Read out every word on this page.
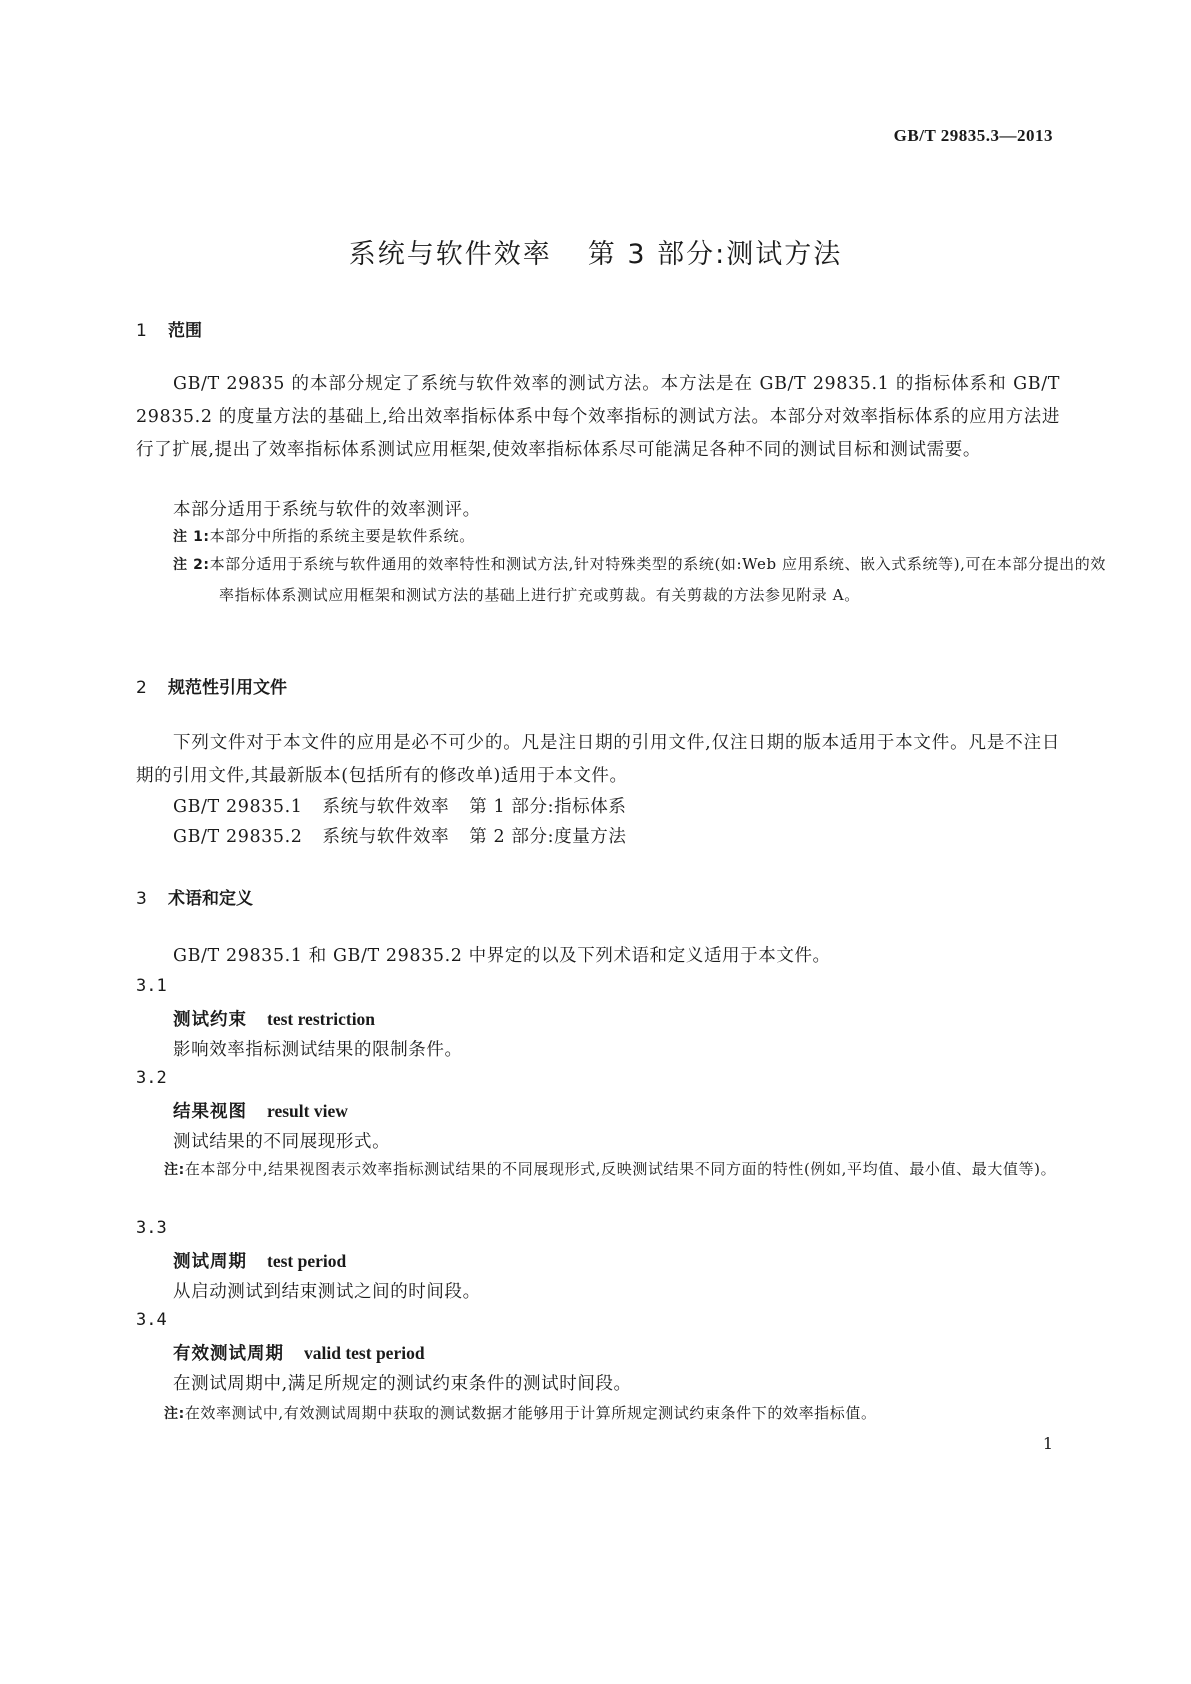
GB/T 29835.3—2013
系统与软件效率 第 3 部分:测试方法
1 范围
GB/T 29835 的本部分规定了系统与软件效率的测试方法。本方法是在 GB/T 29835.1 的指标体系和 GB/T 29835.2 的度量方法的基础上,给出效率指标体系中每个效率指标的测试方法。本部分对效率指标体系的应用方法进行了扩展,提出了效率指标体系测试应用框架,使效率指标体系尽可能满足各种不同的测试目标和测试需要。
本部分适用于系统与软件的效率测评。
注 1:本部分中所指的系统主要是软件系统。
注 2:本部分适用于系统与软件通用的效率特性和测试方法,针对特殊类型的系统(如:Web 应用系统、嵌入式系统等),可在本部分提出的效率指标体系测试应用框架和测试方法的基础上进行扩充或剪裁。有关剪裁的方法参见附录 A。
2 规范性引用文件
下列文件对于本文件的应用是必不可少的。凡是注日期的引用文件,仅注日期的版本适用于本文件。凡是不注日期的引用文件,其最新版本(包括所有的修改单)适用于本文件。
GB/T 29835.1 系统与软件效率 第 1 部分:指标体系
GB/T 29835.2 系统与软件效率 第 2 部分:度量方法
3 术语和定义
GB/T 29835.1 和 GB/T 29835.2 中界定的以及下列术语和定义适用于本文件。
3.1
测试约束 test restriction
影响效率指标测试结果的限制条件。
3.2
结果视图 result view
测试结果的不同展现形式。
注:在本部分中,结果视图表示效率指标测试结果的不同展现形式,反映测试结果不同方面的特性(例如,平均值、最小值、最大值等)。
3.3
测试周期 test period
从启动测试到结束测试之间的时间段。
3.4
有效测试周期 valid test period
在测试周期中,满足所规定的测试约束条件的测试时间段。
注:在效率测试中,有效测试周期中获取的测试数据才能够用于计算所规定测试约束条件下的效率指标值。
1
